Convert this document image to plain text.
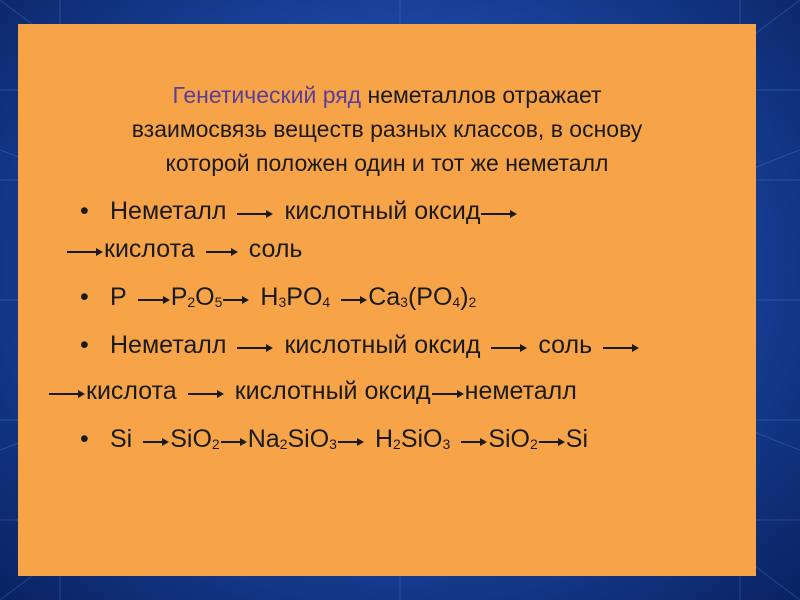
Генетический ряд неметаллов отражает
взаимосвязь веществ разных классов, в основу
которой положен один и тот же неметалл
• Неметалл кислотный оксид
кислота соль
• P $P_2O_5$ $H_3PO_4$ $Ca_3(PO_4)_2$
• Неметалл кислотный оксид соль
кислота кислотный оксид неметалл
• Si SiO$_2$ $Na_2SiO_3$ $H_2SiO_3$ SiO$_2$ Si
